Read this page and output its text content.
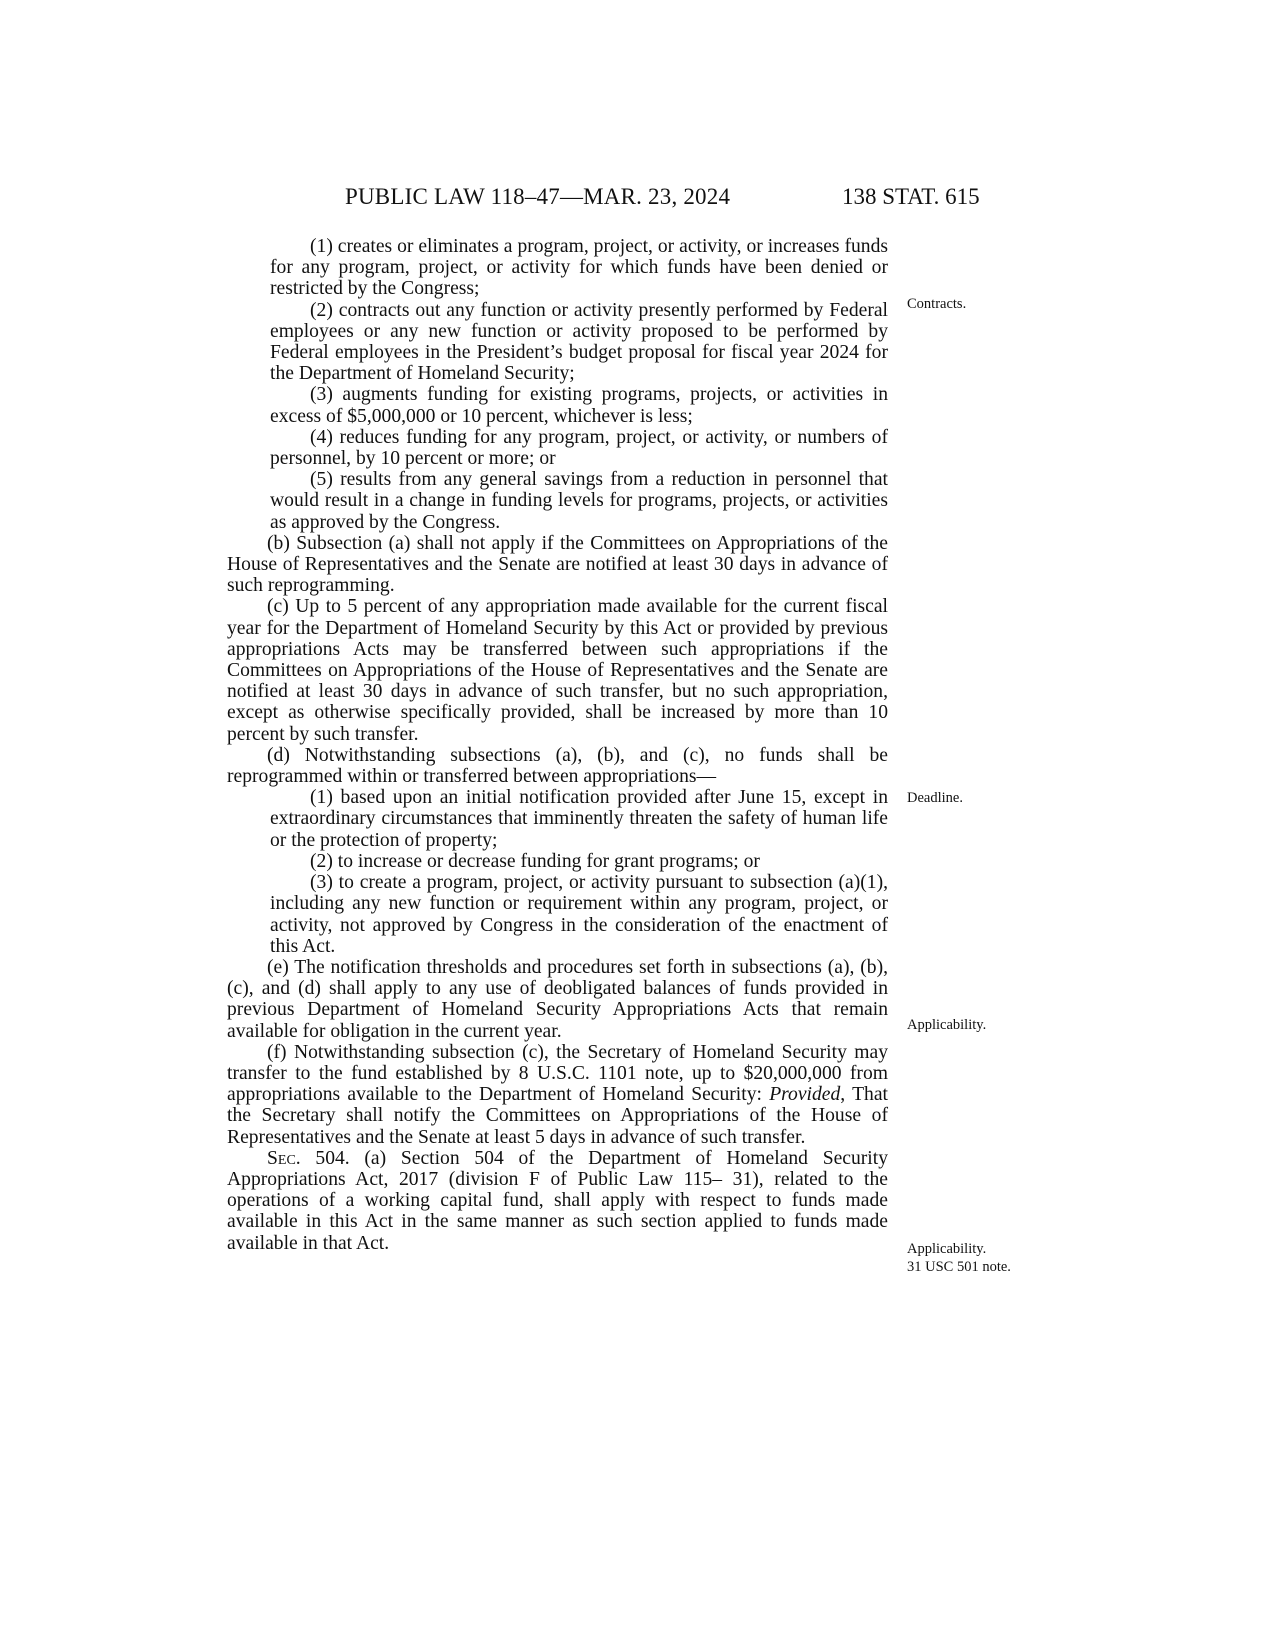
PUBLIC LAW 118–47—MAR. 23, 2024	138 STAT. 615

(1) creates or eliminates a program, project, or activity, or increases funds for any program, project, or activity for which funds have been denied or restricted by the Congress;

(2) contracts out any function or activity presently performed by Federal employees or any new function or activity proposed to be performed by Federal employees in the President’s budget proposal for fiscal year 2024 for the Department of Homeland Security;

(3) augments funding for existing programs, projects, or activities in excess of $5,000,000 or 10 percent, whichever is less;

(4) reduces funding for any program, project, or activity, or numbers of personnel, by 10 percent or more; or

(5) results from any general savings from a reduction in personnel that would result in a change in funding levels for programs, projects, or activities as approved by the Congress.

(b) Subsection (a) shall not apply if the Committees on Appropriations of the House of Representatives and the Senate are notified at least 30 days in advance of such reprogramming.

(c) Up to 5 percent of any appropriation made available for the current fiscal year for the Department of Homeland Security by this Act or provided by previous appropriations Acts may be transferred between such appropriations if the Committees on Appropriations of the House of Representatives and the Senate are notified at least 30 days in advance of such transfer, but no such appropriation, except as otherwise specifically provided, shall be increased by more than 10 percent by such transfer.

(d) Notwithstanding subsections (a), (b), and (c), no funds shall be reprogrammed within or transferred between appropriations—

(1) based upon an initial notification provided after June 15, except in extraordinary circumstances that imminently threaten the safety of human life or the protection of property;

(2) to increase or decrease funding for grant programs; or

(3) to create a program, project, or activity pursuant to subsection (a)(1), including any new function or requirement within any program, project, or activity, not approved by Congress in the consideration of the enactment of this Act.

(e) The notification thresholds and procedures set forth in subsections (a), (b), (c), and (d) shall apply to any use of deobligated balances of funds provided in previous Department of Homeland Security Appropriations Acts that remain available for obligation in the current year.

(f) Notwithstanding subsection (c), the Secretary of Homeland Security may transfer to the fund established by 8 U.S.C. 1101 note, up to $20,000,000 from appropriations available to the Department of Homeland Security: Provided, That the Secretary shall notify the Committees on Appropriations of the House of Representatives and the Senate at least 5 days in advance of such transfer.

Sec. 504. (a) Section 504 of the Department of Homeland Security Appropriations Act, 2017 (division F of Public Law 115– 31), related to the operations of a working capital fund, shall apply with respect to funds made available in this Act in the same manner as such section applied to funds made available in that Act.

Contracts.
Deadline.
Applicability.
Applicability.
31 USC 501 note.
